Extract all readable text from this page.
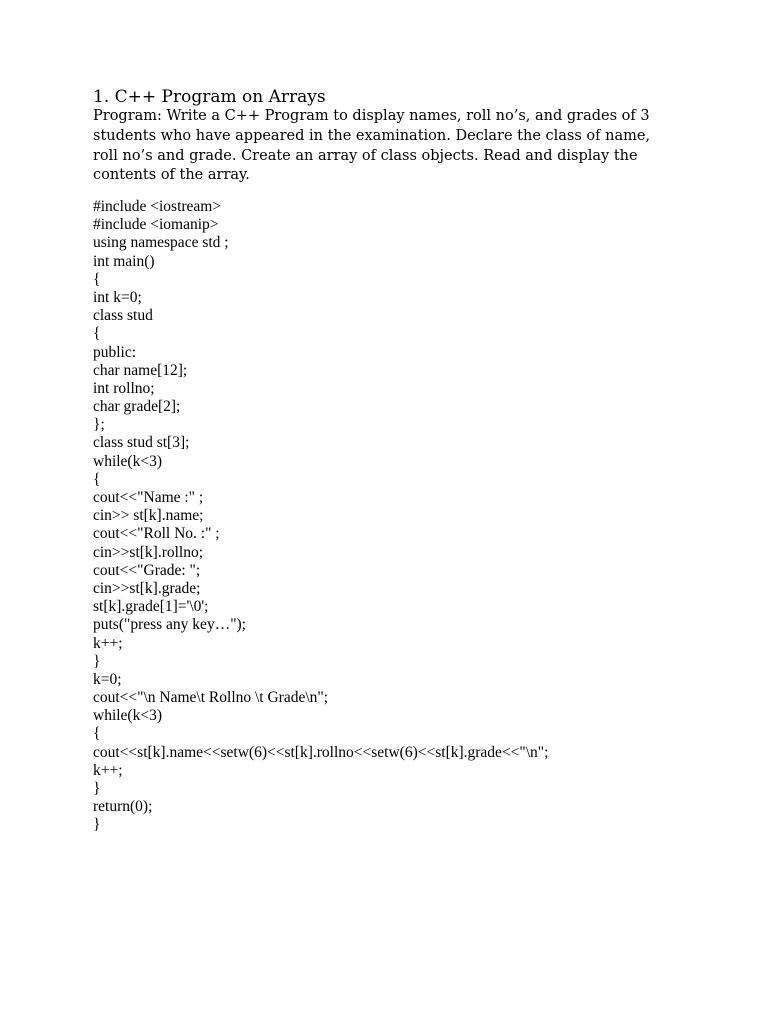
1. C++ Program on Arrays

Program: Write a C++ Program to display names, roll no’s, and grades of 3
students who have appeared in the examination. Declare the class of name,
roll no’s and grade. Create an array of class objects. Read and display the
contents of the array.

#include <iostream>
#include <iomanip>
using namespace std ;
int main()
{
int k=0;
class stud
{
public:
char name[12];
int rollno;
char grade[2];
};
class stud st[3];
while(k<3)
{
cout<<"Name :" ;
cin>> st[k].name;
cout<<"Roll No. :" ;
cin>>st[k].rollno;
cout<<"Grade: ";
cin>>st[k].grade;
st[k].grade[1]='\0';
puts("press any key…");
k++;
}
k=0;
cout<<"\n Name\t Rollno \t Grade\n";
while(k<3)
{
cout<<st[k].name<<setw(6)<<st[k].rollno<<setw(6)<<st[k].grade<<"\n";
k++;
}
return(0);
}
